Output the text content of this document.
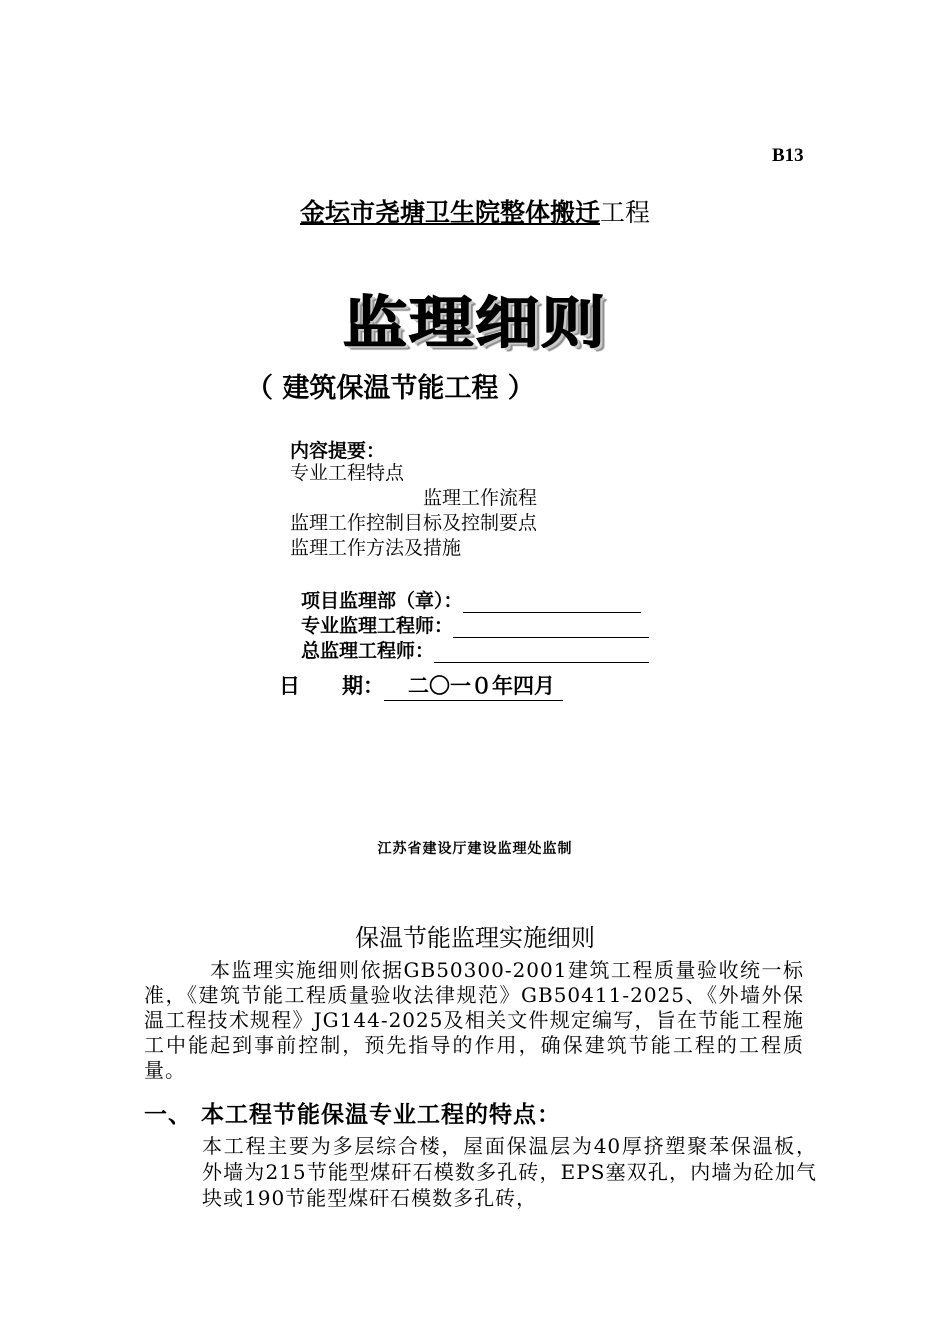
B13
金坛市尧塘卫生院整体搬迁工程
监理细则
（ 建筑保温节能工程 ）
内容提要：
专业工程特点
监理工作流程
监理工作控制目标及控制要点
监理工作方法及措施
项目监理部（章）：
专业监理工程师：
总监理工程师：
日　　期： 二〇一０年四月
江苏省建设厅建设监理处监制
保温节能监理实施细则
本监理实施细则依据GB50300-2001建筑工程质量验收统一标准，《建筑节能工程质量验收法律规范》GB50411-2025、《外墙外保温工程技术规程》JG144-2025及相关文件规定编写，旨在节能工程施工中能起到事前控制，预先指导的作用，确保建筑节能工程的工程质量。
一、 本工程节能保温专业工程的特点：
本工程主要为多层综合楼，屋面保温层为40厚挤塑聚苯保温板，外墙为215节能型煤矸石模数多孔砖，EPS塞双孔，内墙为砼加气块或190节能型煤矸石模数多孔砖，
